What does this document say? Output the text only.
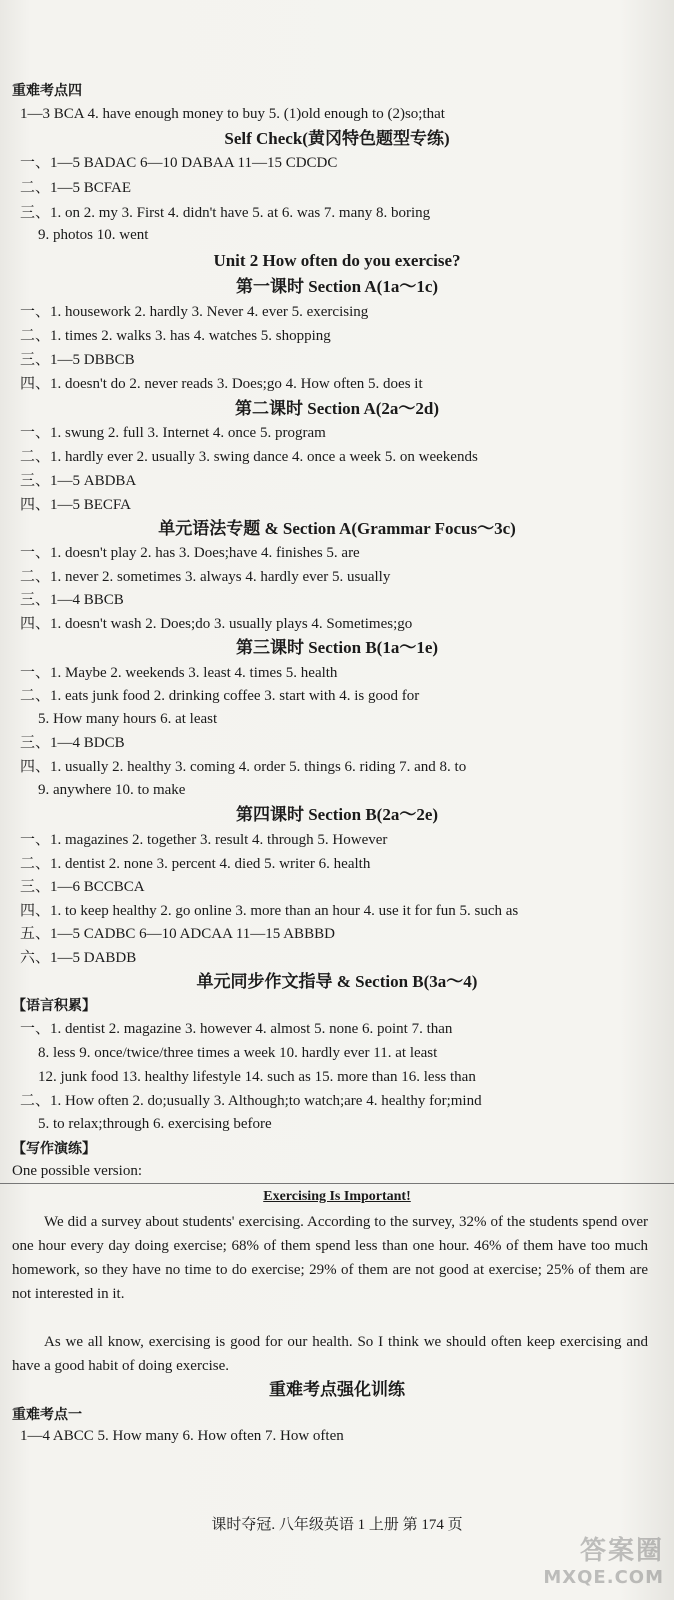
重难考点四
1—3 BCA 4. have enough money to buy 5. (1)old enough to (2)so;that
Self Check(黄冈特色题型专练)
一、1—5 BADAC 6—10 DABAA 11—15 CDCDC
二、1—5 BCFAE
三、1. on 2. my 3. First 4. didn't have 5. at 6. was 7. many 8. boring
9. photos 10. went
Unit 2 How often do you exercise?
第一课时 Section A(1a～1c)
一、1. housework 2. hardly 3. Never 4. ever 5. exercising
二、1. times 2. walks 3. has 4. watches 5. shopping
三、1—5 DBBCB
四、1. doesn't do 2. never reads 3. Does;go 4. How often 5. does it
第二课时 Section A(2a～2d)
一、1. swung 2. full 3. Internet 4. once 5. program
二、1. hardly ever 2. usually 3. swing dance 4. once a week 5. on weekends
三、1—5 ABDBA
四、1—5 BECFA
单元语法专题 & Section A(Grammar Focus～3c)
一、1. doesn't play 2. has 3. Does;have 4. finishes 5. are
二、1. never 2. sometimes 3. always 4. hardly ever 5. usually
三、1—4 BBCB
四、1. doesn't wash 2. Does;do 3. usually plays 4. Sometimes;go
第三课时 Section B(1a～1e)
一、1. Maybe 2. weekends 3. least 4. times 5. health
二、1. eats junk food 2. drinking coffee 3. start with 4. is good for
5. How many hours 6. at least
三、1—4 BDCB
四、1. usually 2. healthy 3. coming 4. order 5. things 6. riding 7. and 8. to
9. anywhere 10. to make
第四课时 Section B(2a～2e)
一、1. magazines 2. together 3. result 4. through 5. However
二、1. dentist 2. none 3. percent 4. died 5. writer 6. health
三、1—6 BCCBCA
四、1. to keep healthy 2. go online 3. more than an hour 4. use it for fun 5. such as
五、1—5 CADBC 6—10 ADCAA 11—15 ABBBD
六、1—5 DABDB
单元同步作文指导 & Section B(3a～4)
【语言积累】
一、1. dentist 2. magazine 3. however 4. almost 5. none 6. point 7. than
8. less 9. once/twice/three times a week 10. hardly ever 11. at least
12. junk food 13. healthy lifestyle 14. such as 15. more than 16. less than
二、1. How often 2. do;usually 3. Although;to watch;are 4. healthy for;mind
5. to relax;through 6. exercising before
【写作演练】
One possible version:
Exercising Is Important!
We did a survey about students' exercising. According to the survey, 32% of the students spend over one hour every day doing exercise; 68% of them spend less than one hour. 46% of them have too much homework, so they have no time to do exercise; 29% of them are not good at exercise; 25% of them are not interested in it.
As we all know, exercising is good for our health. So I think we should often keep exercising and have a good habit of doing exercise.
重难考点强化训练
重难考点一
1—4 ABCC 5. How many 6. How often 7. How often
课时夺冠. 八年级英语 1 上册 第 174 页
答案圈
MXQE.COM
